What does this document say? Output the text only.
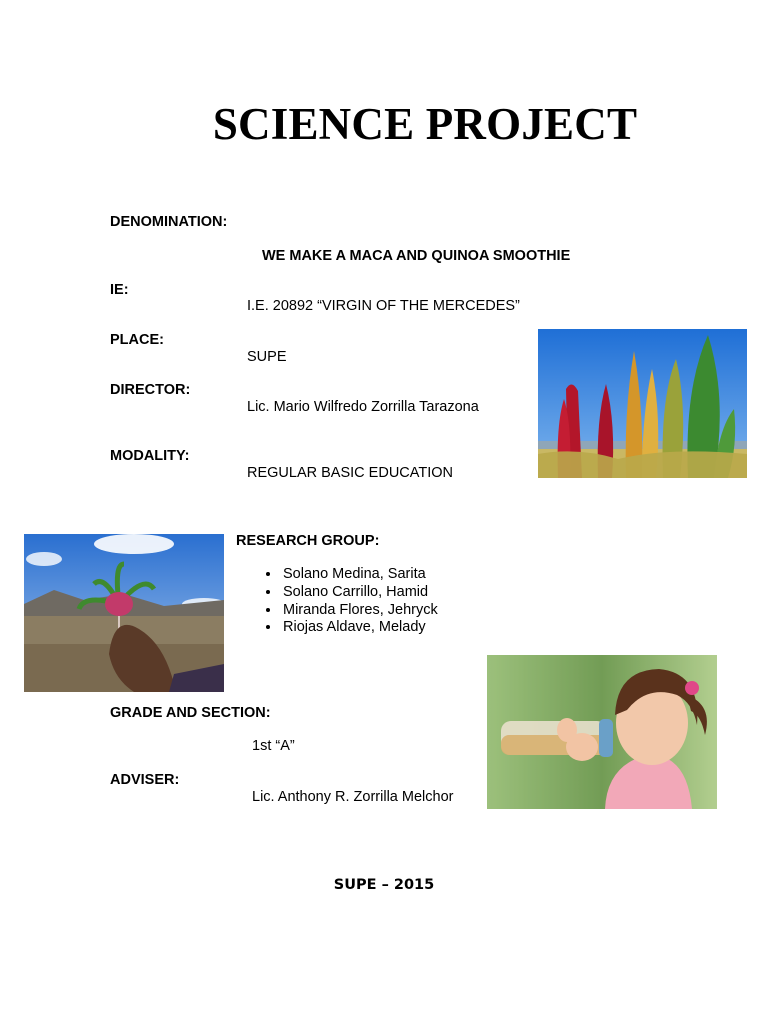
SCIENCE PROJECT
DENOMINATION:
WE MAKE A MACA AND QUINOA SMOOTHIE
IE:
I.E. 20892 “VIRGIN OF THE MERCEDES”
PLACE:
SUPE
DIRECTOR:
Lic. Mario Wilfredo Zorrilla Tarazona
MODALITY:
REGULAR BASIC EDUCATION
RESEARCH GROUP:
• Solano Medina, Sarita
• Solano Carrillo, Hamid
• Miranda Flores, Jehryck
• Riojas Aldave, Melady
GRADE AND SECTION:
1st “A”
ADVISER:
Lic. Anthony R. Zorrilla Melchor
SUPE – 2015
